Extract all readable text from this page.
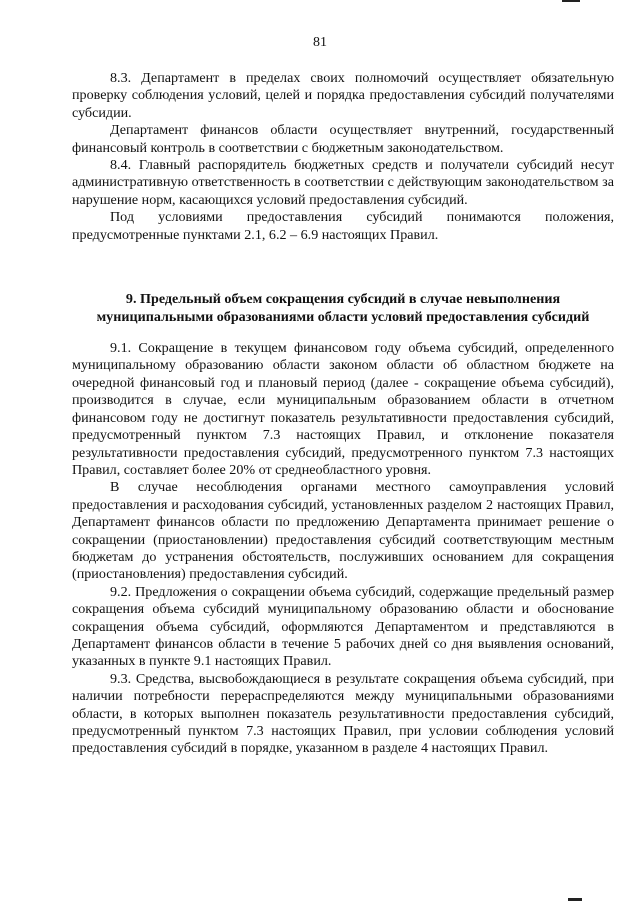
81

8.3. Департамент в пределах своих полномочий осуществляет обязательную проверку соблюдения условий, целей и порядка предоставления субсидий получателями субсидии.

Департамент финансов области осуществляет внутренний, государственный финансовый контроль в соответствии с бюджетным законодательством.

8.4. Главный распорядитель бюджетных средств и получатели субсидий несут административную ответственность в соответствии с действующим законодательством за нарушение норм, касающихся условий предоставления субсидий.

Под условиями предоставления субсидий понимаются положения, предусмотренные пунктами 2.1, 6.2 – 6.9 настоящих Правил.

9. Предельный объем сокращения субсидий в случае невыполнения
муниципальными образованиями области условий предоставления субсидий

9.1. Сокращение в текущем финансовом году объема субсидий, определенного муниципальному образованию области законом области об областном бюджете на очередной финансовый год и плановый период (далее - сокращение объема субсидий), производится в случае, если муниципальным образованием области в отчетном финансовом году не достигнут показатель результативности предоставления субсидий, предусмотренный пунктом 7.3 настоящих Правил, и отклонение показателя результативности предоставления субсидий, предусмотренного пунктом 7.3 настоящих Правил, составляет более 20% от среднеобластного уровня.

В случае несоблюдения органами местного самоуправления условий предоставления и расходования субсидий, установленных разделом 2 настоящих Правил, Департамент финансов области по предложению Департамента принимает решение о сокращении (приостановлении) предоставления субсидий соответствующим местным бюджетам до устранения обстоятельств, послуживших основанием для сокращения (приостановления) предоставления субсидий.

9.2. Предложения о сокращении объема субсидий, содержащие предельный размер сокращения объема субсидий муниципальному образованию области и обоснование сокращения объема субсидий, оформляются Департаментом и представляются в Департамент финансов области в течение 5 рабочих дней со дня выявления оснований, указанных в пункте 9.1 настоящих Правил.

9.3. Средства, высвобождающиеся в результате сокращения объема субсидий, при наличии потребности перераспределяются между муниципальными образованиями области, в которых выполнен показатель результативности предоставления субсидий, предусмотренный пунктом 7.3 настоящих Правил, при условии соблюдения условий предоставления субсидий в порядке, указанном в разделе 4 настоящих Правил.
